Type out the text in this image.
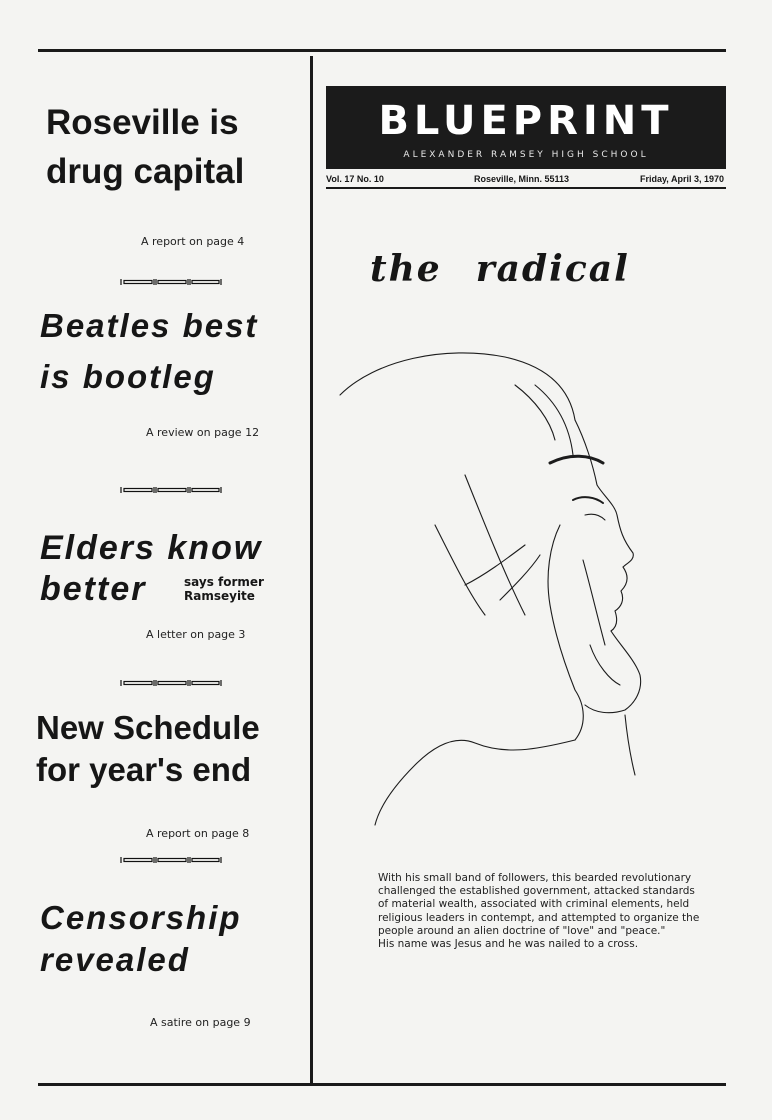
Roseville is
drug capital
A report on page 4
Beatles best
is bootleg
A review on page 12
Elders know
better	says former
Ramseyite
A letter on page 3
New Schedule
for year's end
A report on page 8
Censorship
revealed
A satire on page 9
BLUEPRINT
ALEXANDER RAMSEY HIGH SCHOOL
Vol. 17 No. 10	Roseville, Minn. 55113	Friday, April 3, 1970
the radical
With his small band of followers, this bearded revolutionary
challenged the established government, attacked standards
of material wealth, associated with criminal elements, held
religious leaders in contempt, and attempted to organize the
people around an alien doctrine of "love" and "peace."
His name was Jesus and he was nailed to a cross.
